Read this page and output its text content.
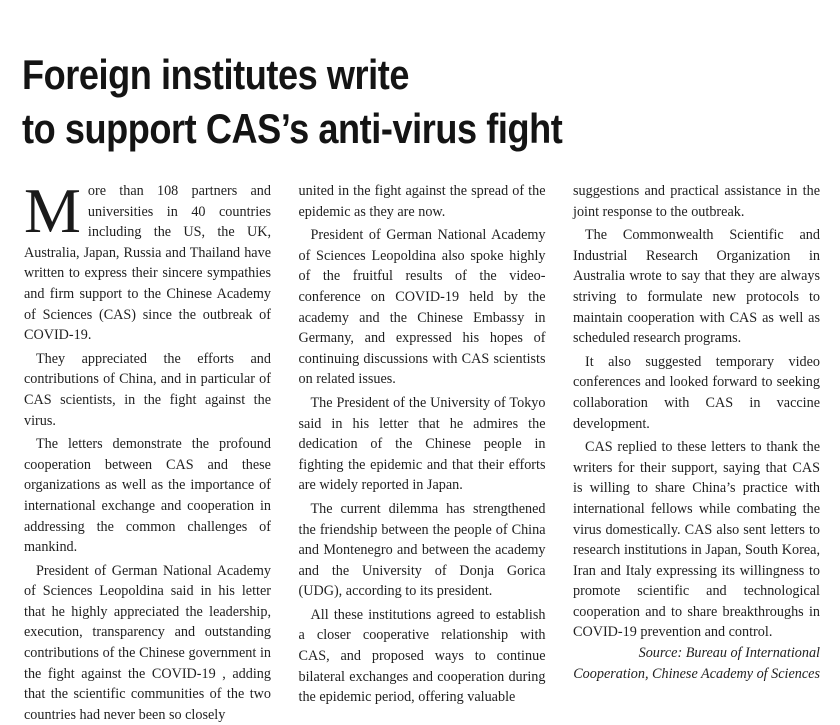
Foreign institutes write
to support CAS’s anti-virus fight

More than 108 partners and universities in 40 countries including the US, the UK, Australia, Japan, Russia and Thailand have written to express their sincere sympathies and firm support to the Chinese Academy of Sciences (CAS) since the outbreak of COVID-19.

They appreciated the efforts and contributions of China, and in particular of CAS scientists, in the fight against the virus.

The letters demonstrate the profound cooperation between CAS and these organizations as well as the importance of international exchange and cooperation in addressing the common challenges of mankind.

President of German National Academy of Sciences Leopoldina said in his letter that he highly appreciated the leadership, execution, transparency and outstanding contributions of the Chinese government in the fight against the COVID-19 , adding that the scientific communities of the two countries had never been so closely

united in the fight against the spread of the epidemic as they are now.

President of German National Academy of Sciences Leopoldina also spoke highly of the fruitful results of the video-conference on COVID-19 held by the academy and the Chinese Embassy in Germany, and expressed his hopes of continuing discussions with CAS scientists on related issues.

The President of the University of Tokyo said in his letter that he admires the dedication of the Chinese people in fighting the epidemic and that their efforts are widely reported in Japan.

The current dilemma has strengthened the friendship between the people of China and Montenegro and between the academy and the University of Donja Gorica (UDG), according to its president.

All these institutions agreed to establish a closer cooperative relationship with CAS, and proposed ways to continue bilateral exchanges and cooperation during the epidemic period, offering valuable

suggestions and practical assistance in the joint response to the outbreak.

The Commonwealth Scientific and Industrial Research Organization in Australia wrote to say that they are always striving to formulate new protocols to maintain cooperation with CAS as well as scheduled research programs.

It also suggested temporary video conferences and looked forward to seeking collaboration with CAS in vaccine development.

CAS replied to these letters to thank the writers for their support, saying that CAS is willing to share China’s practice with international fellows while combating the virus domestically. CAS also sent letters to research institutions in Japan, South Korea, Iran and Italy expressing its willingness to promote scientific and technological cooperation and to share breakthroughs in COVID-19 prevention and control.

Source: Bureau of International
Cooperation, Chinese Academy of Sciences
